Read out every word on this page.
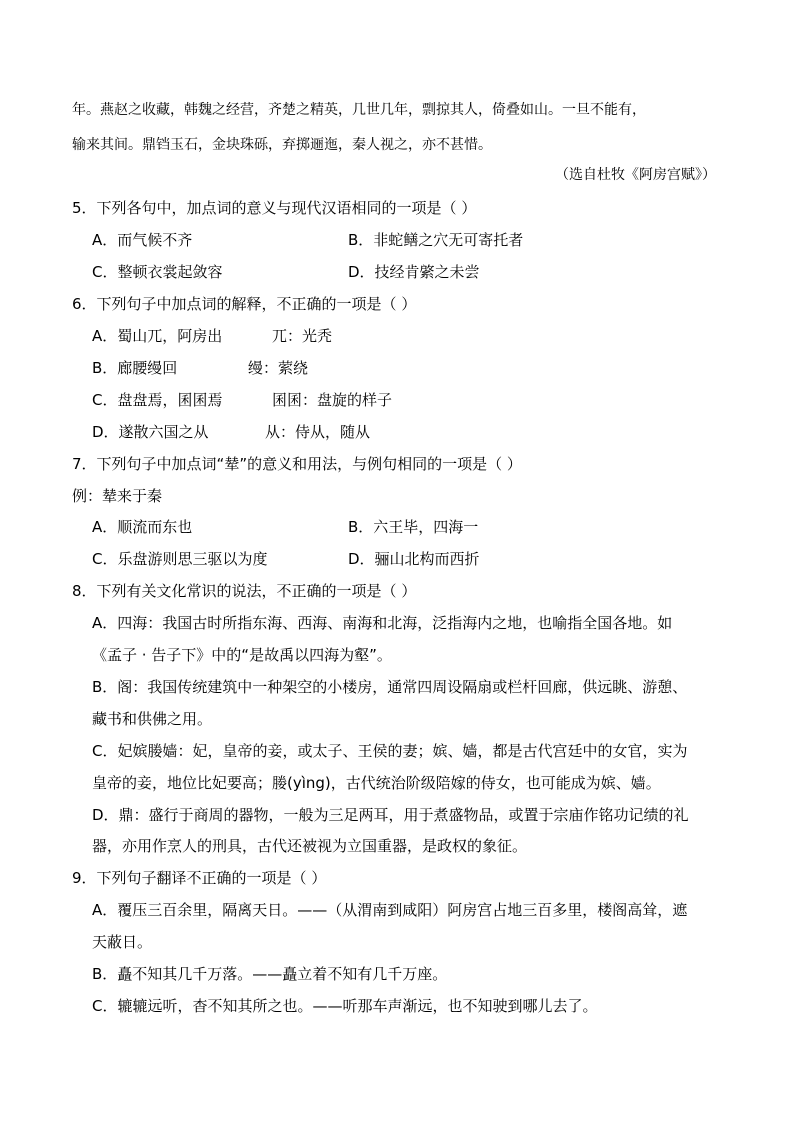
年。燕赵之收藏，韩魏之经营，齐楚之精英，几世几年，剽掠其人，倚叠如山。一旦不能有，
输来其间。鼎铛玉石，金块珠砾，弃掷逦迤，秦人视之，亦不甚惜。
（选自杜牧《阿房宫赋》）
5．下列各句中，加点词的意义与现代汉语相同的一项是（ ）
A．而气候不齐	B．非蛇鳝之穴无可寄托者
C．整顿衣裳起敛容	D．技经肯綮之未尝
6．下列句子中加点词的解释，不正确的一项是（ ）
A．蜀山兀，阿房出	兀：光秃
B．廊腰缦回	缦：萦绕
C．盘盘焉，囷囷焉	囷囷：盘旋的样子
D．遂散六国之从	从：侍从，随从
7．下列句子中加点词“辇”的意义和用法，与例句相同的一项是（ ）
例：辇来于秦
A．顺流而东也	B．六王毕，四海一
C．乐盘游则思三驱以为度	D．骊山北构而西折
8．下列有关文化常识的说法，不正确的一项是（ ）
A．四海：我国古时所指东海、西海、南海和北海，泛指海内之地，也喻指全国各地。如
《孟子 · 告子下》中的“是故禹以四海为壑”。
B．阁：我国传统建筑中一种架空的小楼房，通常四周设隔扇或栏杆回廊，供远眺、游憩、
藏书和供佛之用。
C．妃嫔媵嫱：妃，皇帝的妾，或太子、王侯的妻；嫔、嫱，都是古代宫廷中的女官，实为
皇帝的妾，地位比妃要高；媵(yìng)，古代统治阶级陪嫁的侍女，也可能成为嫔、嫱。
D．鼎：盛行于商周的器物，一般为三足两耳，用于煮盛物品，或置于宗庙作铭功记绩的礼
器，亦用作烹人的刑具，古代还被视为立国重器，是政权的象征。
9．下列句子翻译不正确的一项是（ ）
A．覆压三百余里，隔离天日。——（从渭南到咸阳）阿房宫占地三百多里，楼阁高耸，遮
天蔽日。
B．矗不知其几千万落。——矗立着不知有几千万座。
C．辘辘远听，杳不知其所之也。——听那车声渐远，也不知驶到哪儿去了。
